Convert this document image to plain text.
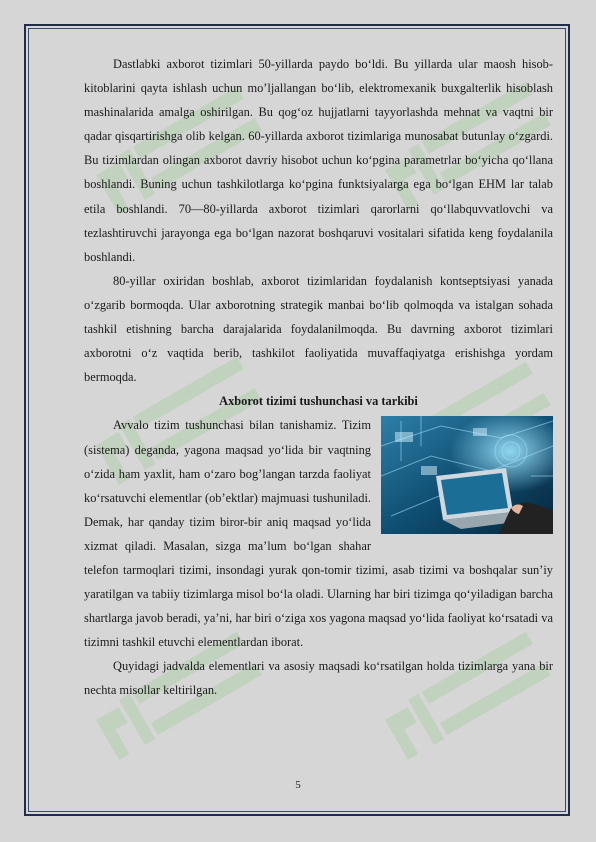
Dastlabki axborot tizimlari 50-yillarda paydo bo‘ldi. Bu yillarda ular maosh hisob-kitoblarini qayta ishlash uchun mo’ljallangan bo‘lib, elektromexanik buxgalterlik hisoblash mashinalarida amalga oshirilgan. Bu qog‘oz hujjatlarni tayyorlashda mehnat va vaqtni bir qadar qisqartirishga olib kelgan. 60-yillarda axborot tizimlariga munosabat butunlay o‘zgardi. Bu tizimlardan olingan axborot davriy hisobot uchun ko‘pgina parametrlar bo‘yicha qo‘llana boshlandi. Buning uchun tashkilotlarga ko‘pgina funktsiyalarga ega bo‘lgan EHM lar talab etila boshlandi. 70—80-yillarda axborot tizimlari qarorlarni qo‘llabquvvatlovchi va tezlashtiruvchi jarayonga ega bo‘lgan nazorat boshqaruvi vositalari sifatida keng foydalanila boshlandi.

80-yillar oxiridan boshlab, axborot tizimlaridan foydalanish kontseptsiyasi yanada o‘zgarib bormoqda. Ular axborotning strategik manbai bo‘lib qolmoqda va istalgan sohada tashkil etishning barcha darajalarida foydalanilmoqda. Bu davrning axborot tizimlari axborotni o‘z vaqtida berib, tashkilot faoliyatida muvaffaqiyatga erishishga yordam bermoqda.

Axborot tizimi tushunchasi va tarkibi

Avvalo tizim tushunchasi bilan tanishamiz. Tizim (sistema) deganda, yagona maqsad yo‘lida bir vaqtning o‘zida ham yaxlit, ham o‘zaro bog’langan tarzda faoliyat ko‘rsatuvchi elementlar (ob’ektlar) majmuasi tushuniladi. Demak, har qanday tizim biror-bir aniq maqsad yo‘lida xizmat qiladi. Masalan, sizga ma’lum bo‘lgan shahar telefon tarmoqlari tizimi, insondagi yurak qon-tomir tizimi, asab tizimi va boshqalar sun’iy yaratilgan va tabiiy tizimlarga misol bo‘la oladi. Ularning har biri tizimga qo‘yiladigan barcha shartlarga javob beradi, ya’ni, har biri o‘ziga xos yagona maqsad yo‘lida faoliyat ko‘rsatadi va tizimni tashkil etuvchi elementlardan iborat.

Quyidagi jadvalda elementlari va asosiy maqsadi ko‘rsatilgan holda tizimlarga yana bir nechta misollar keltirilgan.

5
